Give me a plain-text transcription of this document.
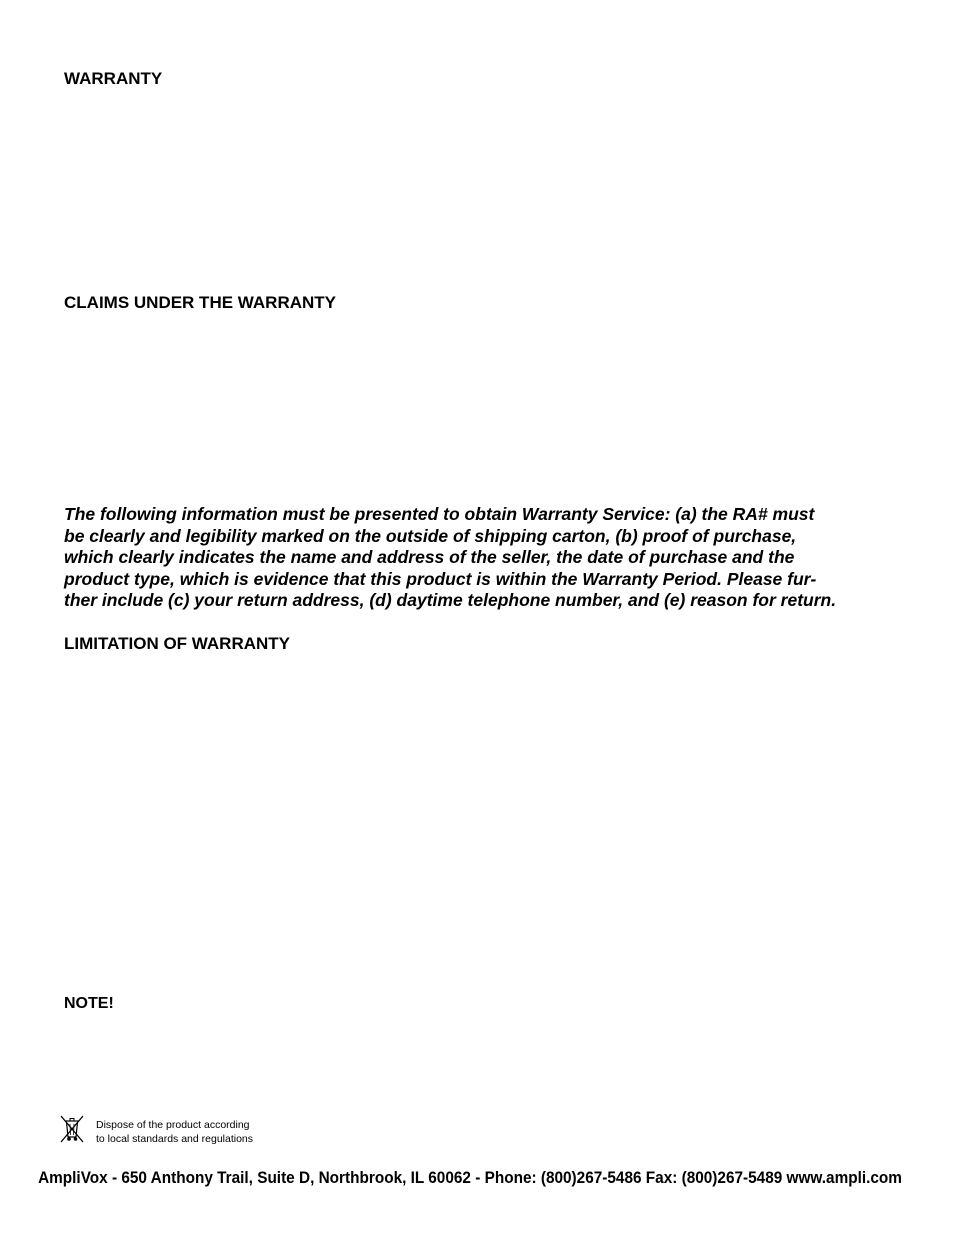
WARRANTY
CLAIMS UNDER THE WARRANTY

The following information must be presented to obtain Warranty Service: (a) the RA# must
be clearly and legibility marked on the outside of shipping carton, (b) proof of purchase,
which clearly indicates the name and address of the seller, the date of purchase and the
product type, which is evidence that this product is within the Warranty Period. Please fur-
ther include (c) your return address, (d) daytime telephone number, and (e) reason for return.

LIMITATION OF WARRANTY
NOTE!
Dispose of the product according
to local standards and regulations
AmpliVox - 650 Anthony Trail, Suite D, Northbrook, IL 60062 - Phone: (800)267-5486 Fax: (800)267-5489 www.ampli.com
